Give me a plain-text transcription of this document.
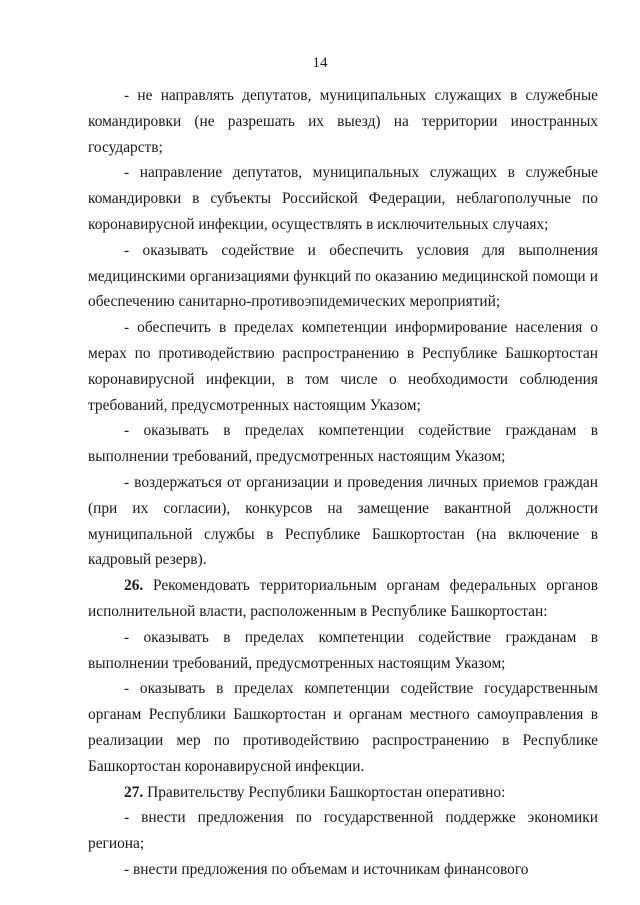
14

- не направлять депутатов, муниципальных служащих в служебные командировки (не разрешать их выезд) на территории иностранных государств;

- направление депутатов, муниципальных служащих в служебные командировки в субъекты Российской Федерации, неблагополучные по коронавирусной инфекции, осуществлять в исключительных случаях;

- оказывать содействие и обеспечить условия для выполнения медицинскими организациями функций по оказанию медицинской помощи и обеспечению санитарно-противоэпидемических мероприятий;

- обеспечить в пределах компетенции информирование населения о мерах по противодействию распространению в Республике Башкортостан коронавирусной инфекции, в том числе о необходимости соблюдения требований, предусмотренных настоящим Указом;

- оказывать в пределах компетенции содействие гражданам в выполнении требований, предусмотренных настоящим Указом;

- воздержаться от организации и проведения личных приемов граждан (при их согласии), конкурсов на замещение вакантной должности муниципальной службы в Республике Башкортостан (на включение в кадровый резерв).

26. Рекомендовать территориальным органам федеральных органов исполнительной власти, расположенным в Республике Башкортостан:

- оказывать в пределах компетенции содействие гражданам в выполнении требований, предусмотренных настоящим Указом;

- оказывать в пределах компетенции содействие государственным органам Республики Башкортостан и органам местного самоуправления в реализации мер по противодействию распространению в Республике Башкортостан коронавирусной инфекции.

27. Правительству Республики Башкортостан оперативно:

- внести предложения по государственной поддержке экономики региона;

- внести предложения по объемам и источникам финансового
